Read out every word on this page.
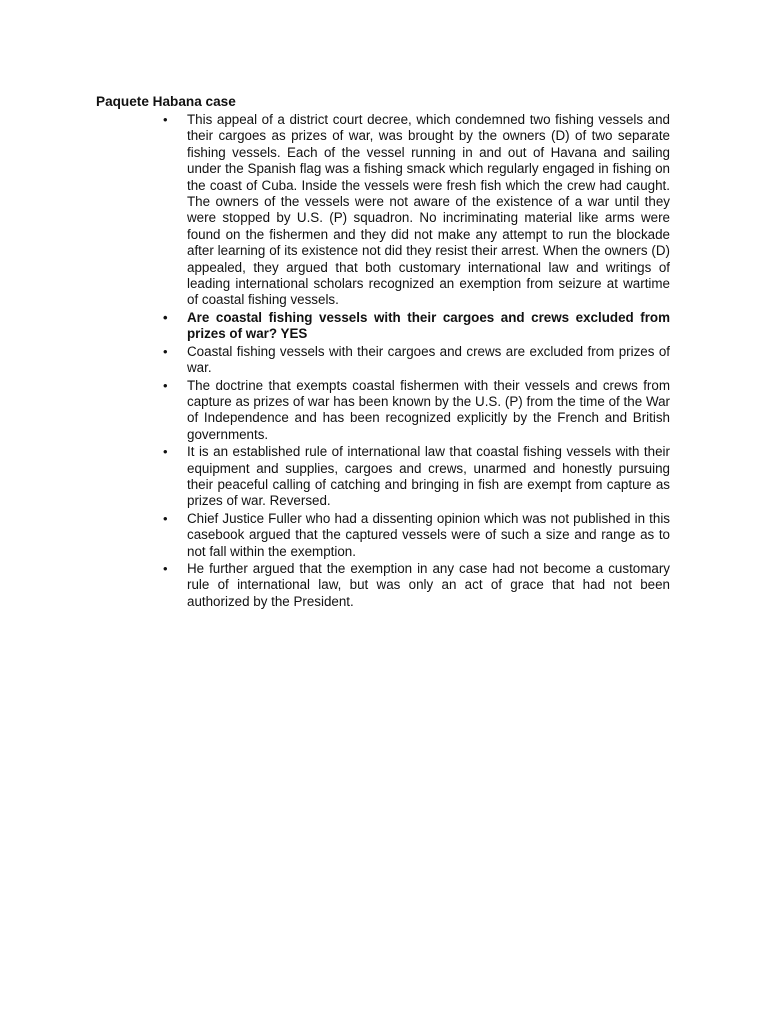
Paquete Habana case
• This appeal of a district court decree, which condemned two fishing vessels and their cargoes as prizes of war, was brought by the owners (D) of two separate fishing vessels. Each of the vessel running in and out of Havana and sailing under the Spanish flag was a fishing smack which regularly engaged in fishing on the coast of Cuba. Inside the vessels were fresh fish which the crew had caught. The owners of the vessels were not aware of the existence of a war until they were stopped by U.S. (P) squadron. No incriminating material like arms were found on the fishermen and they did not make any attempt to run the blockade after learning of its existence not did they resist their arrest. When the owners (D) appealed, they argued that both customary international law and writings of leading international scholars recognized an exemption from seizure at wartime of coastal fishing vessels.
• Are coastal fishing vessels with their cargoes and crews excluded from prizes of war? YES
• Coastal fishing vessels with their cargoes and crews are excluded from prizes of war.
• The doctrine that exempts coastal fishermen with their vessels and crews from capture as prizes of war has been known by the U.S. (P) from the time of the War of Independence and has been recognized explicitly by the French and British governments.
• It is an established rule of international law that coastal fishing vessels with their equipment and supplies, cargoes and crews, unarmed and honestly pursuing their peaceful calling of catching and bringing in fish are exempt from capture as prizes of war. Reversed.
• Chief Justice Fuller who had a dissenting opinion which was not published in this casebook argued that the captured vessels were of such a size and range as to not fall within the exemption.
• He further argued that the exemption in any case had not become a customary rule of international law, but was only an act of grace that had not been authorized by the President.
